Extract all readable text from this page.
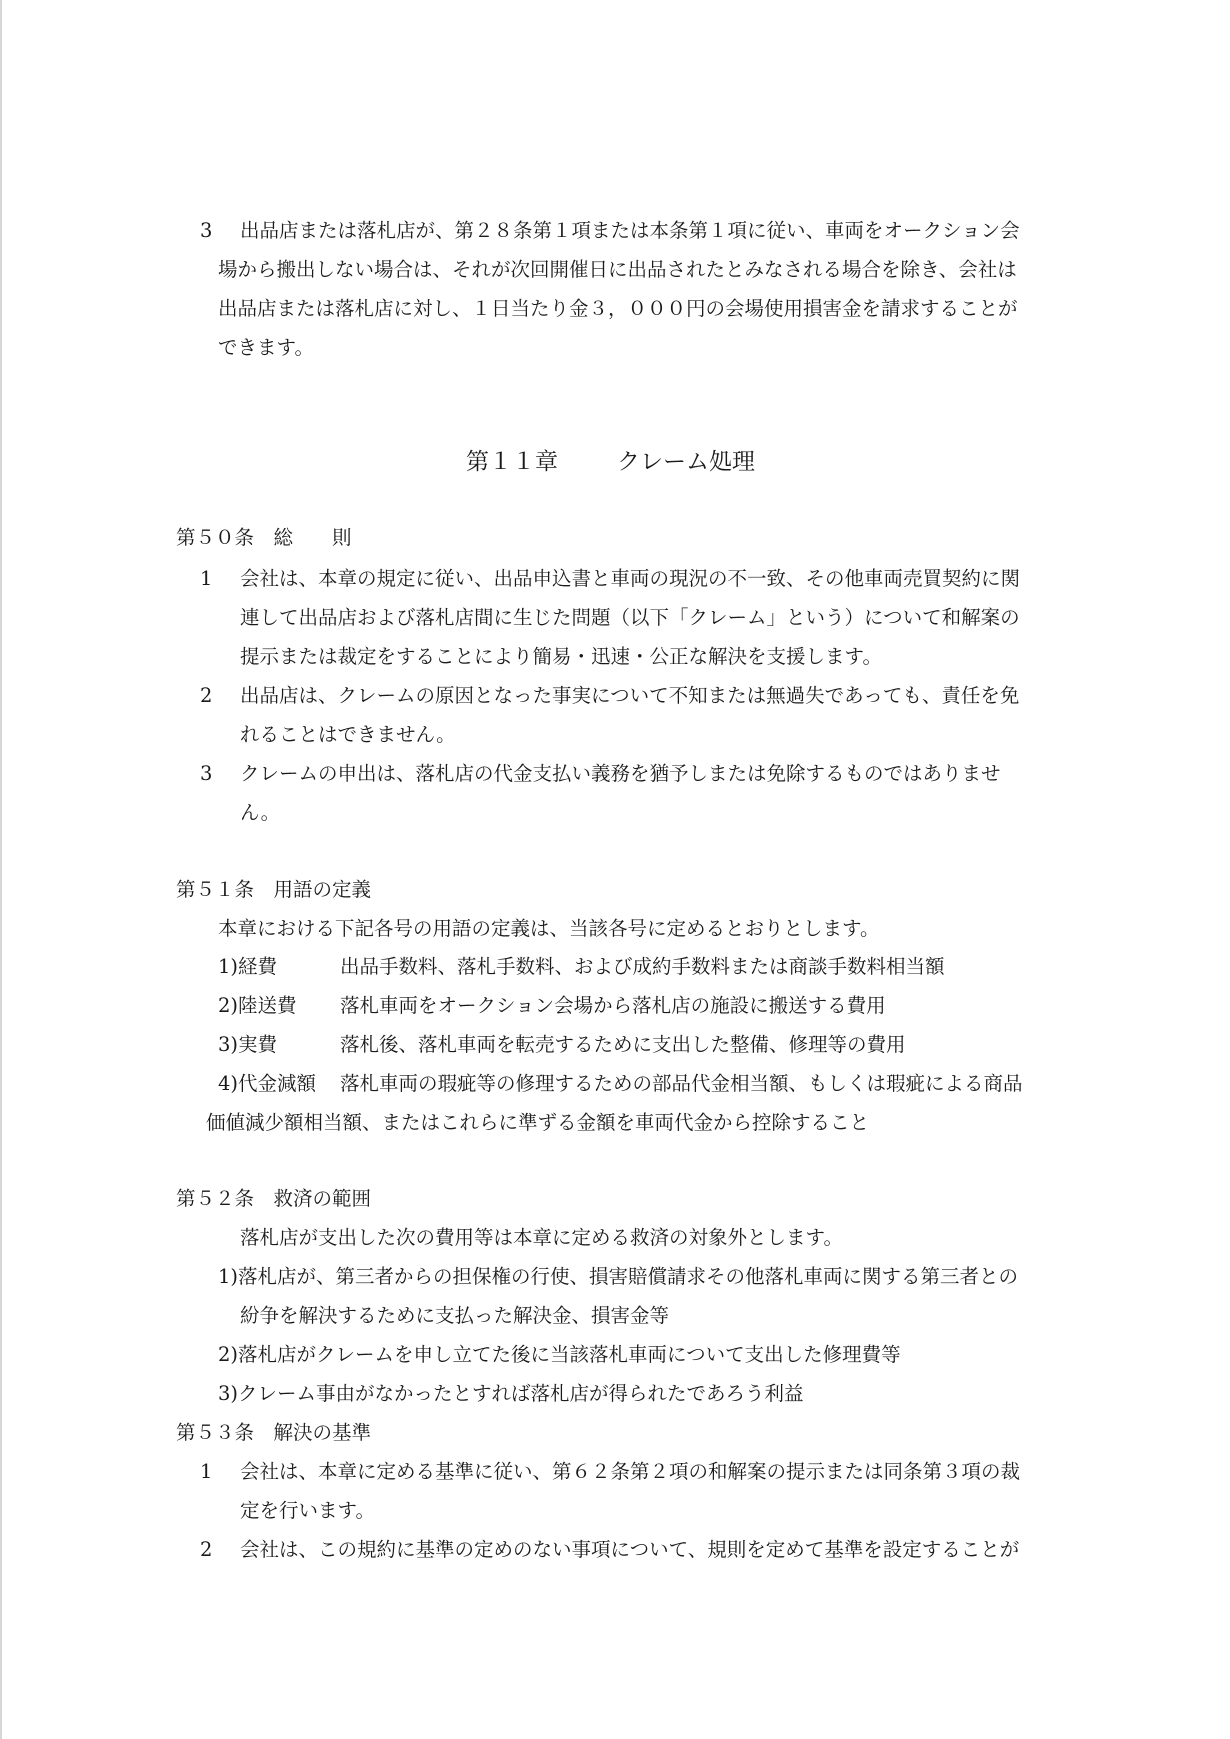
3 出品店または落札店が、第２８条第１項または本条第１項に従い、車両をオークション会
場から搬出しない場合は、それが次回開催日に出品されたとみなされる場合を除き、会社は
出品店または落札店に対し、１日当たり金３，０００円の会場使用損害金を請求することが
できます。
第１１章	クレーム処理
第５０条　総　　則
1 会社は、本章の規定に従い、出品申込書と車両の現況の不一致、その他車両売買契約に関
連して出品店および落札店間に生じた問題（以下「クレーム」という）について和解案の
提示または裁定をすることにより簡易・迅速・公正な解決を支援します。
2 出品店は、クレームの原因となった事実について不知または無過失であっても、責任を免
れることはできません。
3 クレームの申出は、落札店の代金支払い義務を猶予しまたは免除するものではありませ
ん。
第５１条　用語の定義
本章における下記各号の用語の定義は、当該各号に定めるとおりとします。
1)経費	出品手数料、落札手数料、および成約手数料または商談手数料相当額
2)陸送費 落札車両をオークション会場から落札店の施設に搬送する費用
3)実費	落札後、落札車両を転売するために支出した整備、修理等の費用
4)代金減額 落札車両の瑕疵等の修理するための部品代金相当額、もしくは瑕疵による商品
価値減少額相当額、またはこれらに準ずる金額を車両代金から控除すること
第５２条　救済の範囲
落札店が支出した次の費用等は本章に定める救済の対象外とします。
1)落札店が、第三者からの担保権の行使、損害賠償請求その他落札車両に関する第三者との
紛争を解決するために支払った解決金、損害金等
2)落札店がクレームを申し立てた後に当該落札車両について支出した修理費等
3)クレーム事由がなかったとすれば落札店が得られたであろう利益
第５３条　解決の基準
1 会社は、本章に定める基準に従い、第６２条第２項の和解案の提示または同条第３項の裁
定を行います。
2 会社は、この規約に基準の定めのない事項について、規則を定めて基準を設定することが
